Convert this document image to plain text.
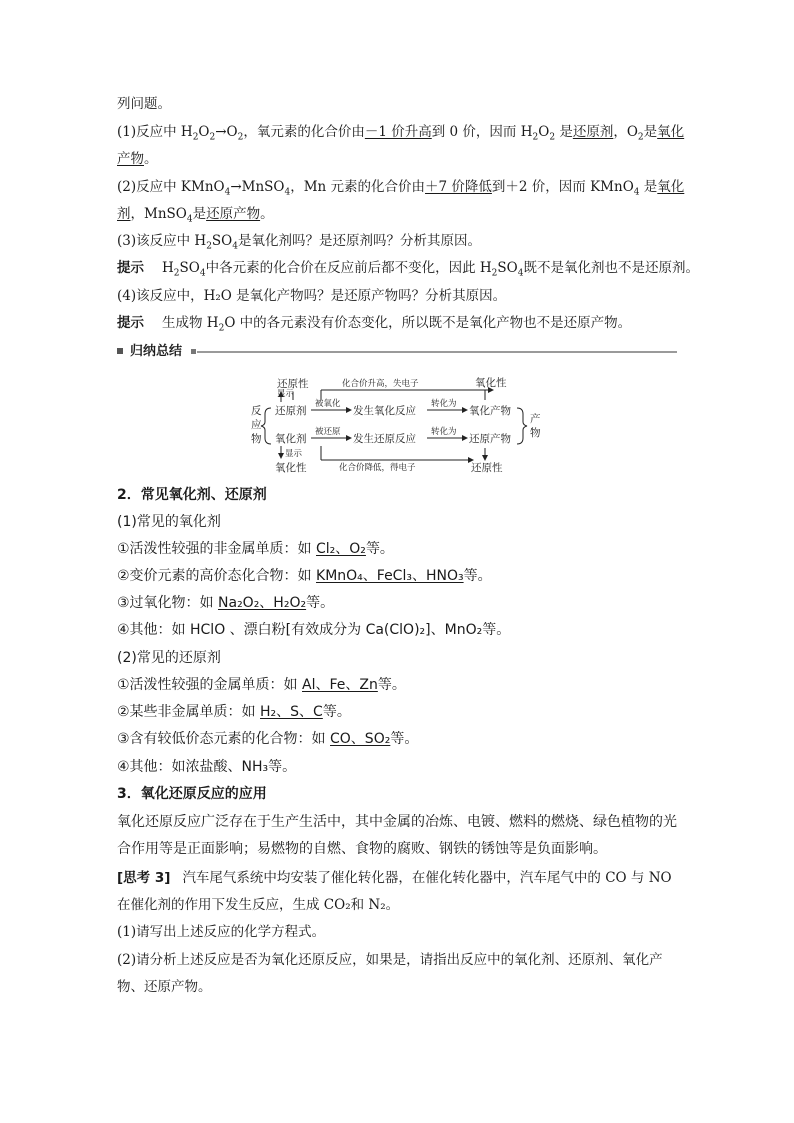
列问题。
(1)反应中 $H_2O_2\to O_2$，氧元素的化合价由－1 价升高到 0 价，因而 $H_2O_2$ 是还原剂，$O_2$是氧化
产物。
(2)反应中 KMnO$_4$→MnSO$_4$，Mn 元素的化合价由＋7 价降低到＋2 价，因而 KMnO$_4$ 是氧化
剂，MnSO$_4$是还原产物。
(3)该反应中 $H_2SO_4$是氧化剂吗？是还原剂吗？分析其原因。
提示 $H_2SO_4$中各元素的化合价在反应前后都不变化，因此 $H_2SO_4$既不是氧化剂也不是还原剂。
(4)该反应中，H₂O 是氧化产物吗？是还原产物吗？分析其原因。
提示 生成物 $H_2O$ 中的各元素没有价态变化，所以既不是氧化产物也不是还原产物。
归纳总结
反
应
物
还原性	化合价升高，失电子	氧化性
显示
还原剂
被氧化
发生氧化反应
转化为
氧化产物
氧化剂
被还原
发生还原反应
转化为
还原产物
产
物
显示
氧化性	化合价降低，得电子	还原性
2．常见氧化剂、还原剂
(1)常见的氧化剂
①活泼性较强的非金属单质：如 Cl₂、O₂等。
②变价元素的高价态化合物：如 KMnO₄、FeCl₃、HNO₃等。
③过氧化物：如 Na₂O₂、H₂O₂等。
④其他：如 HClO 、漂白粉[有效成分为 Ca(ClO)₂]、MnO₂等。
(2)常见的还原剂
①活泼性较强的金属单质：如 Al、Fe、Zn等。
②某些非金属单质：如 H₂、S、C等。
③含有较低价态元素的化合物：如 CO、SO₂等。
④其他：如浓盐酸、NH₃等。
3．氧化还原反应的应用
氧化还原反应广泛存在于生产生活中，其中金属的冶炼、电镀、燃料的燃烧、绿色植物的光
合作用等是正面影响；易燃物的自燃、食物的腐败、钢铁的锈蚀等是负面影响。
[思考 3] 汽车尾气系统中均安装了催化转化器，在催化转化器中，汽车尾气中的 CO 与 NO
在催化剂的作用下发生反应，生成 CO₂和 N₂。
(1)请写出上述反应的化学方程式。
(2)请分析上述反应是否为氧化还原反应，如果是，请指出反应中的氧化剂、还原剂、氧化产
物、还原产物。
